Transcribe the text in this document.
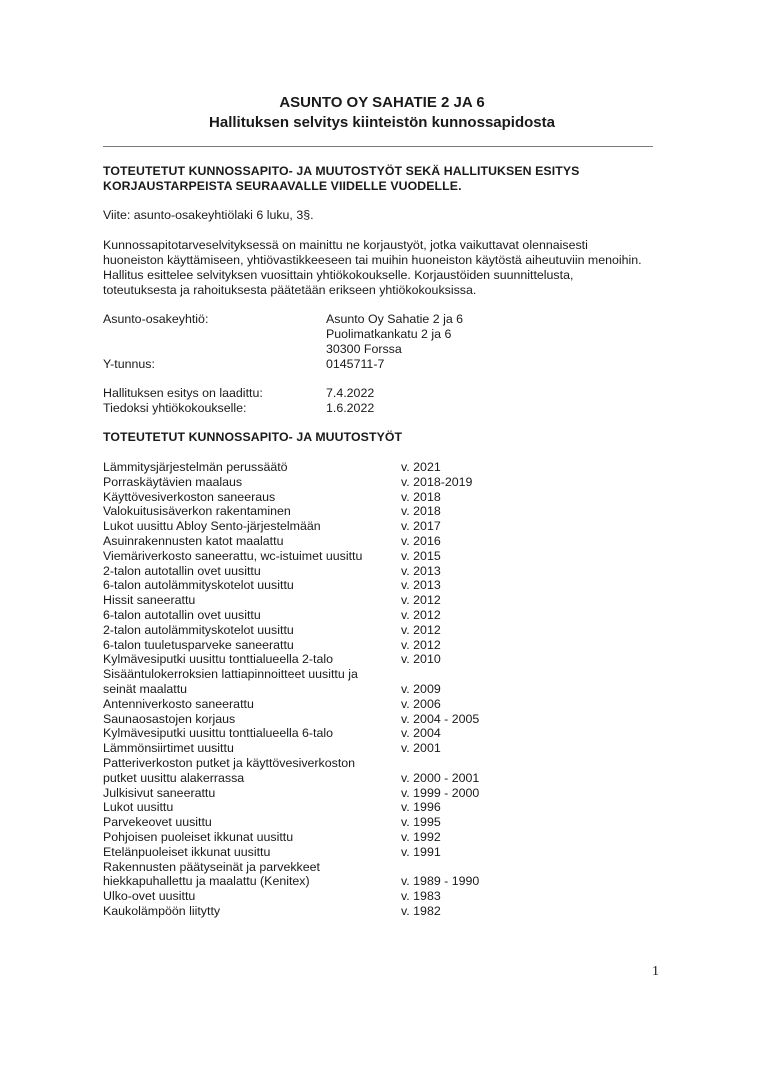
ASUNTO OY SAHATIE 2 JA 6
Hallituksen selvitys kiinteistön kunnossapidosta
TOTEUTETUT KUNNOSSAPITO- JA MUUTOSTYÖT SEKÄ HALLITUKSEN ESITYS
KORJAUSTARPEISTA SEURAAVALLE VIIDELLE VUODELLE.
Viite: asunto-osakeyhtiölaki 6 luku, 3§.
Kunnossapitotarveselvityksessä on mainittu ne korjaustyöt, jotka vaikuttavat olennaisesti
huoneiston käyttämiseen, yhtiövastikkeeseen tai muihin huoneiston käytöstä aiheutuviin menoihin.
Hallitus esittelee selvityksen vuosittain yhtiökokoukselle. Korjaustöiden suunnittelusta,
toteutuksesta ja rahoituksesta päätetään erikseen yhtiökokouksissa.
Asunto-osakeyhtiö:	Asunto Oy Sahatie 2 ja 6
Puolimatkankatu 2 ja 6
30300 Forssa
Y-tunnus:	0145711-7
Hallituksen esitys on laadittu:	7.4.2022
Tiedoksi yhtiökokoukselle:	1.6.2022
TOTEUTETUT KUNNOSSAPITO- JA MUUTOSTYÖT
Lämmitysjärjestelmän perussäätö	v. 2021
Porraskäytävien maalaus	v. 2018-2019
Käyttövesiverkoston saneeraus	v. 2018
Valokuitusisäverkon rakentaminen	v. 2018
Lukot uusittu Abloy Sento-järjestelmään	v. 2017
Asuinrakennusten katot maalattu	v. 2016
Viemäriverkosto saneerattu, wc-istuimet uusittu	v. 2015
2-talon autotallin ovet uusittu	v. 2013
6-talon autolämmityskotelot uusittu	v. 2013
Hissit saneerattu	v. 2012
6-talon autotallin ovet uusittu	v. 2012
2-talon autolämmityskotelot uusittu	v. 2012
6-talon tuuletusparveke saneerattu	v. 2012
Kylmävesiputki uusittu tonttialueella 2-talo	v. 2010
Sisääntulokerroksien lattiapinnoitteet uusittu ja
seinät maalattu	v. 2009
Antenniverkosto saneerattu	v. 2006
Saunaosastojen korjaus	v. 2004 - 2005
Kylmävesiputki uusittu tonttialueella 6-talo	v. 2004
Lämmönsiirtimet uusittu	v. 2001
Patteriverkoston putket ja käyttövesiverkoston
putket uusittu alakerrassa	v. 2000 - 2001
Julkisivut saneerattu	v. 1999 - 2000
Lukot uusittu	v. 1996
Parvekeovet uusittu	v. 1995
Pohjoisen puoleiset ikkunat uusittu	v. 1992
Etelänpuoleiset ikkunat uusittu	v. 1991
Rakennusten päätyseinät ja parvekkeet
hiekkapuhallettu ja maalattu (Kenitex)	v. 1989 - 1990
Ulko-ovet uusittu	v. 1983
Kaukolämpöön liitytty	v. 1982
1
